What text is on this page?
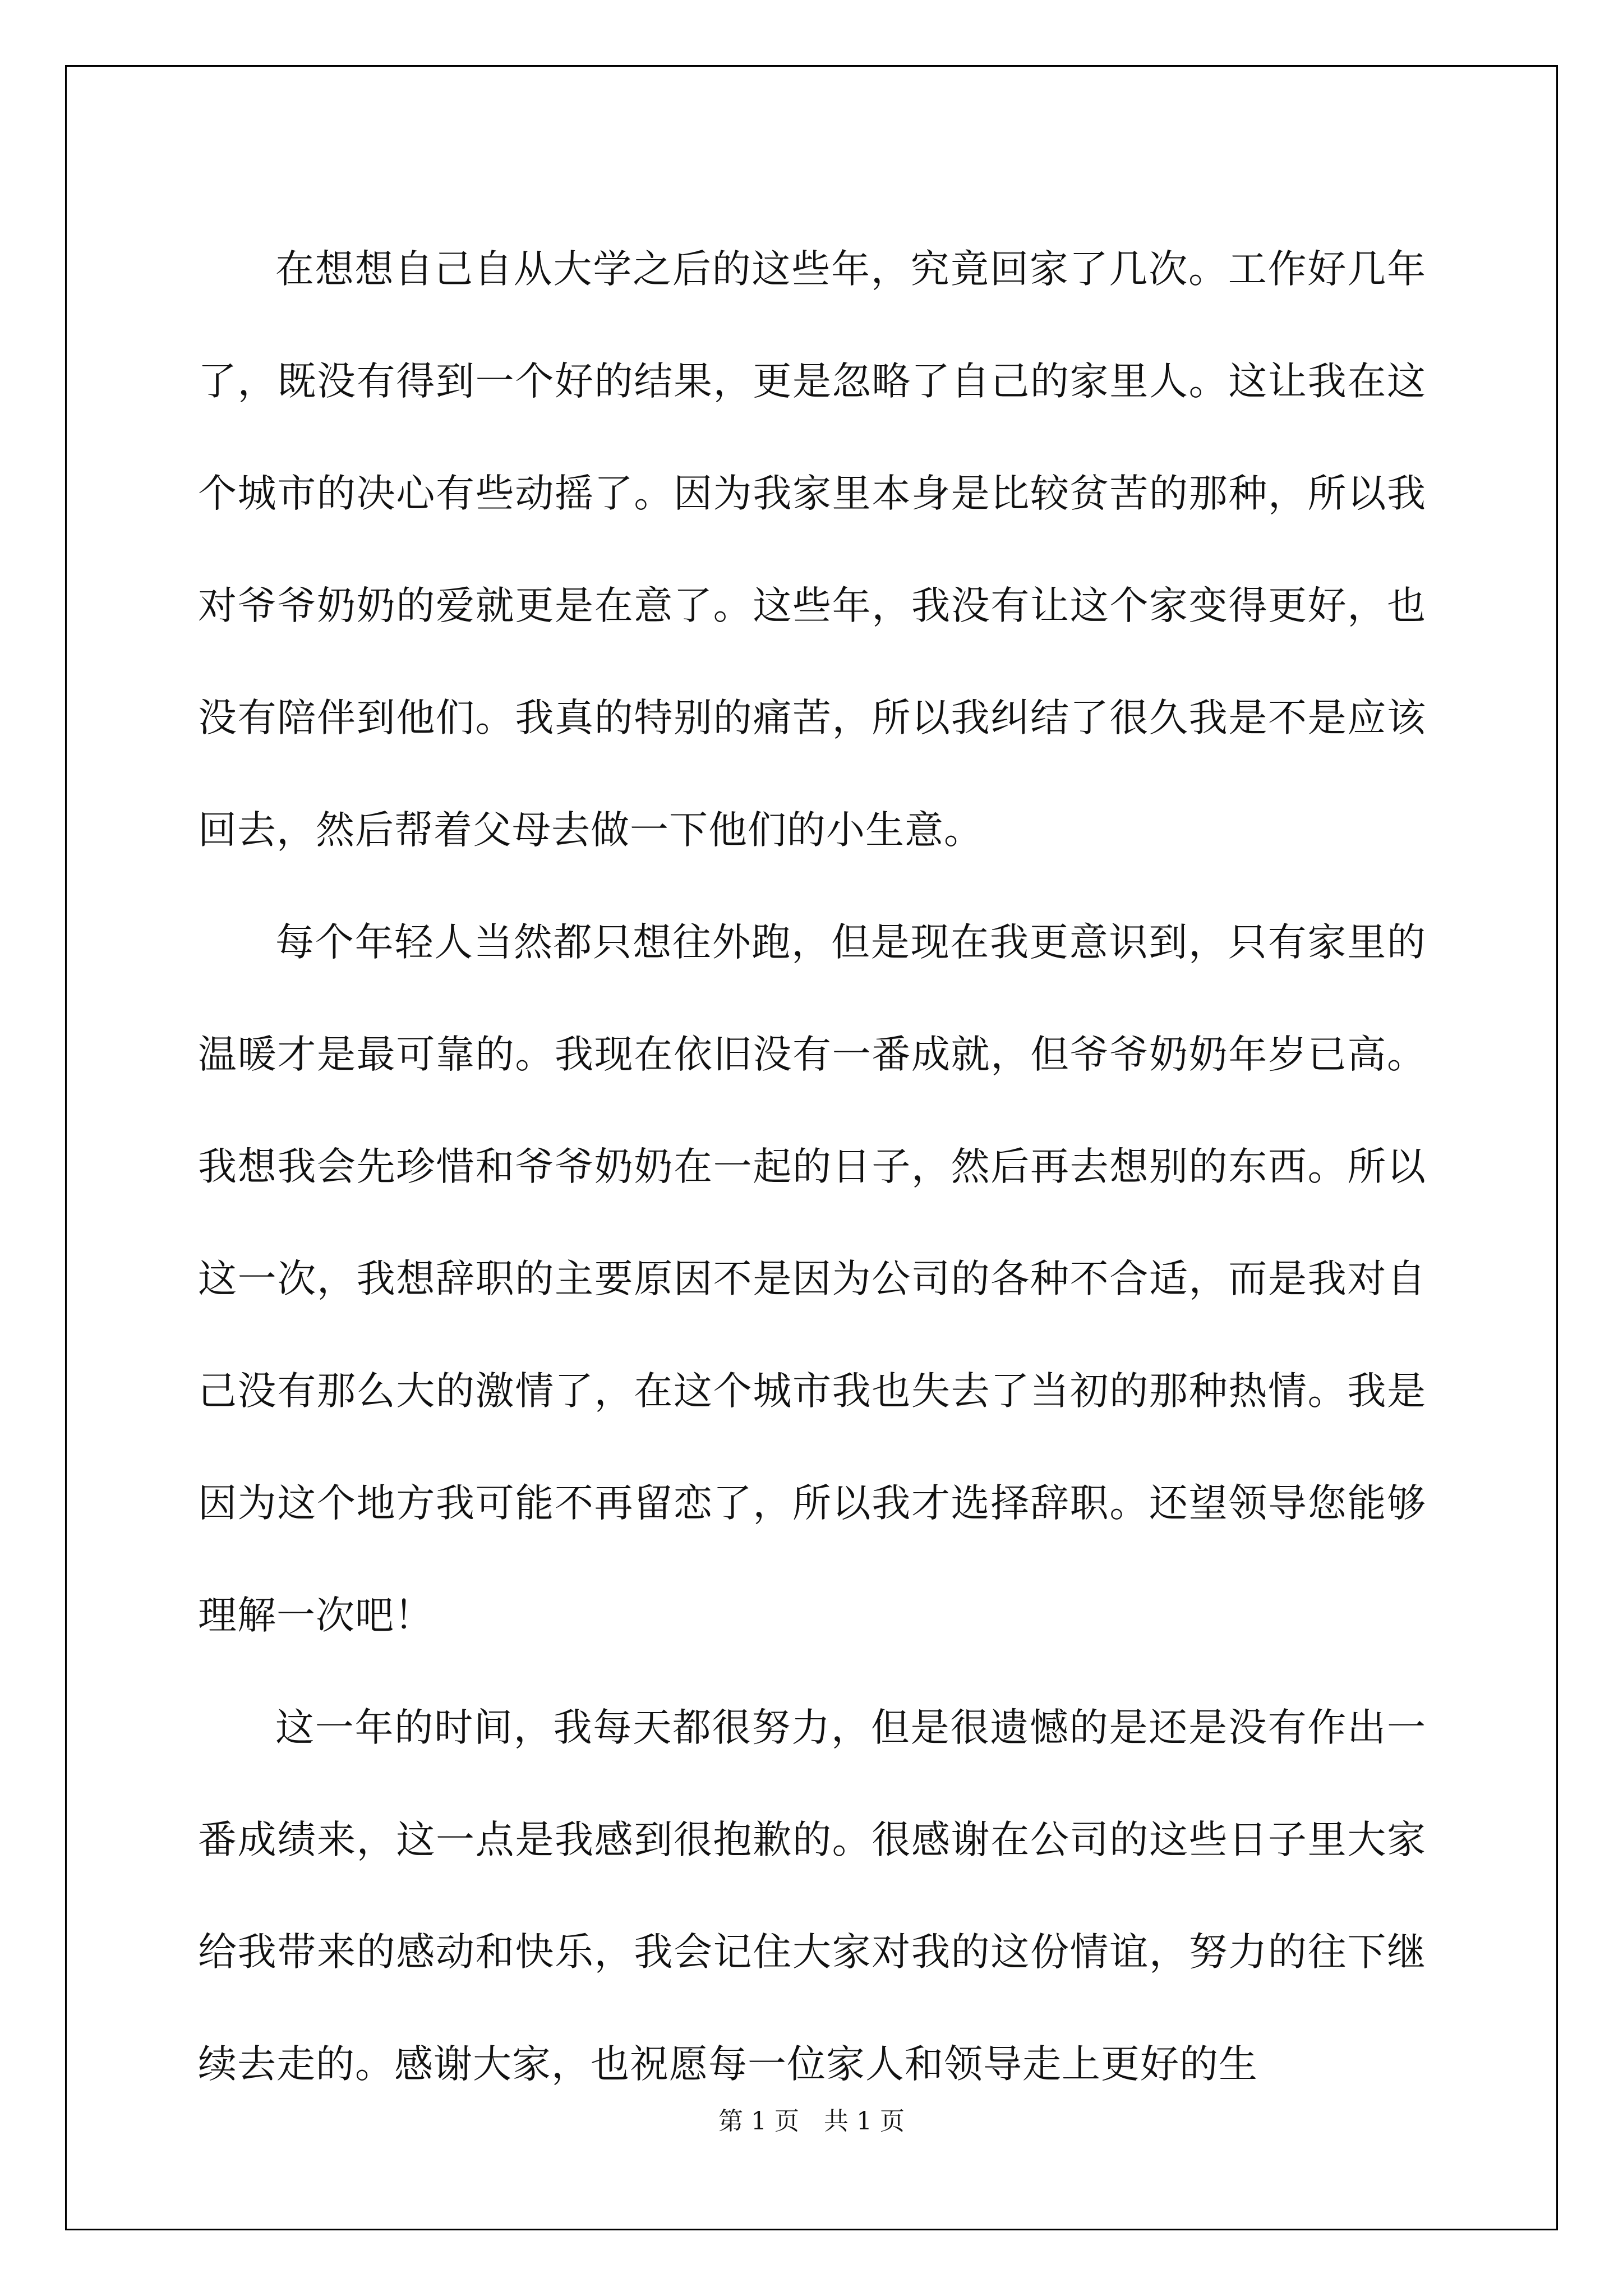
在想想自己自从大学之后的这些年，究竟回家了几次。工作好几年了，既没有得到一个好的结果，更是忽略了自己的家里人。这让我在这个城市的决心有些动摇了。因为我家里本身是比较贫苦的那种，所以我对爷爷奶奶的爱就更是在意了。这些年，我没有让这个家变得更好，也没有陪伴到他们。我真的特别的痛苦，所以我纠结了很久我是不是应该回去，然后帮着父母去做一下他们的小生意。

每个年轻人当然都只想往外跑，但是现在我更意识到，只有家里的温暖才是最可靠的。我现在依旧没有一番成就，但爷爷奶奶年岁已高。我想我会先珍惜和爷爷奶奶在一起的日子，然后再去想别的东西。所以这一次，我想辞职的主要原因不是因为公司的各种不合适，而是我对自己没有那么大的激情了，在这个城市我也失去了当初的那种热情。我是因为这个地方我可能不再留恋了，所以我才选择辞职。还望领导您能够理解一次吧！

这一年的时间，我每天都很努力，但是很遗憾的是还是没有作出一番成绩来，这一点是我感到很抱歉的。很感谢在公司的这些日子里大家给我带来的感动和快乐，我会记住大家对我的这份情谊，努力的往下继续去走的。感谢大家，也祝愿每一位家人和领导走上更好的生

第 1 页　共 1 页
